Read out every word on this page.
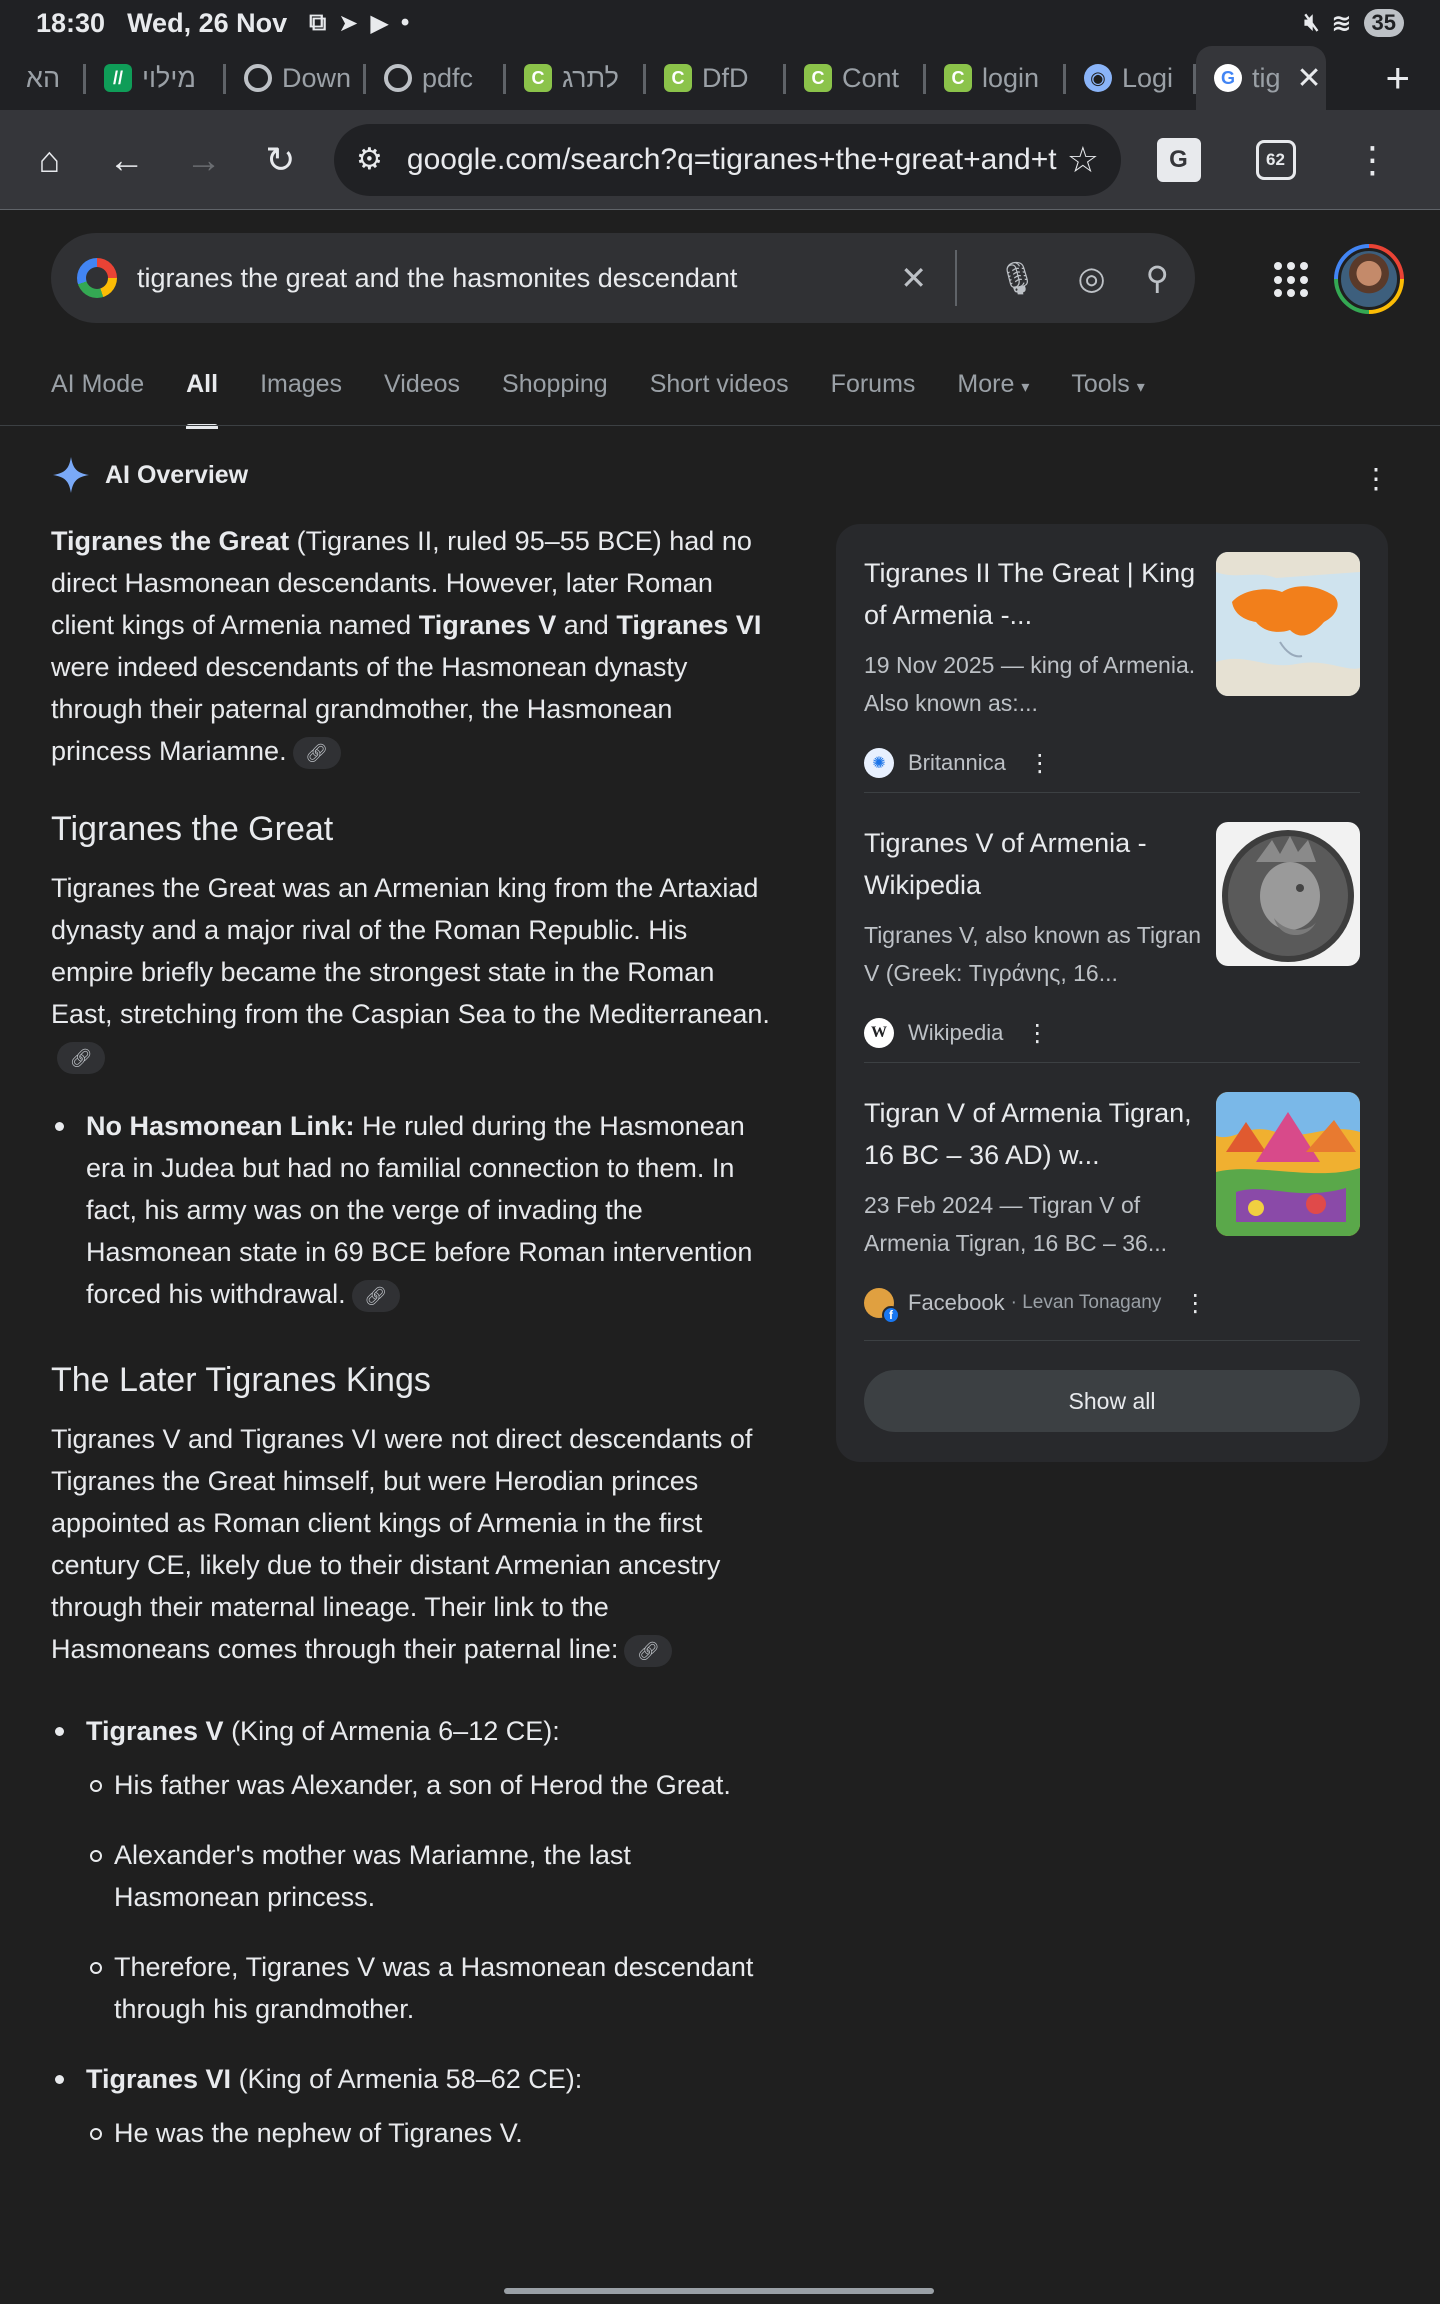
18:30 Wed, 26 Nov ⧉ ➤ ▶ •	🔇︎ ≋ 35
הא	// מילוי	Down	pdfc	C לתרג	C DfD	C Cont	C login	◉ Logi	G tig ✕ +
⌂	←	→	↻	⚙ google.com/search?q=tigranes+the+great+and+t ☆	G	62	⋮
tigranes the great and the hasmonites descendant	✕ 🎙︎ ◎ ⚲
AI Mode All Images Videos Shopping Short videos Forums More ▾ Tools ▾
AI Overview	⋮

Tigranes the Great (Tigranes II, ruled 95–55 BCE) had no direct Hasmonean descendants. However, later Roman client kings of Armenia named Tigranes V and Tigranes VI were indeed descendants of the Hasmonean dynasty through their paternal grandmother, the Hasmonean princess Mariamne. 🔗︎

Tigranes the Great

Tigranes the Great was an Armenian king from the Artaxiad dynasty and a major rival of the Roman Republic. His empire briefly became the strongest state in the Roman East, stretching from the Caspian Sea to the Mediterranean.🔗︎

No Hasmonean Link: He ruled during the Hasmonean era in Judea but had no familial connection to them. In fact, his army was on the verge of invading the Hasmonean state in 69 BCE before Roman intervention forced his withdrawal. 🔗︎
The Later Tigranes Kings

Tigranes V and Tigranes VI were not direct descendants of Tigranes the Great himself, but were Herodian princes appointed as Roman client kings of Armenia in the first century CE, likely due to their distant Armenian ancestry through their maternal lineage. Their link to the Hasmoneans comes through their paternal line: 🔗︎

Tigranes V (King of Armenia 6–12 CE):
His father was Alexander, a son of Herod the Great.
Alexander's mother was Mariamne, the last Hasmonean princess.
Therefore, Tigranes V was a Hasmonean descendant through his grandmother.
Tigranes VI (King of Armenia 58–62 CE):
He was the nephew of Tigranes V.
Tigranes II The Great | King of Armenia -...
19 Nov 2025 — king of Armenia. Also known as:...
✺	Britannica ⋮
Tigranes V of Armenia - Wikipedia
Tigranes V, also known as Tigran V (Greek: Τιγράνης, 16...
W Wikipedia ⋮
Tigran V of Armenia Tigran, 16 BC – 36 AD) w...
23 Feb 2024 — Tigran V of Armenia Tigran, 16 BC – 36...
f Facebook · Levan Tonagany ⋮
Show all
